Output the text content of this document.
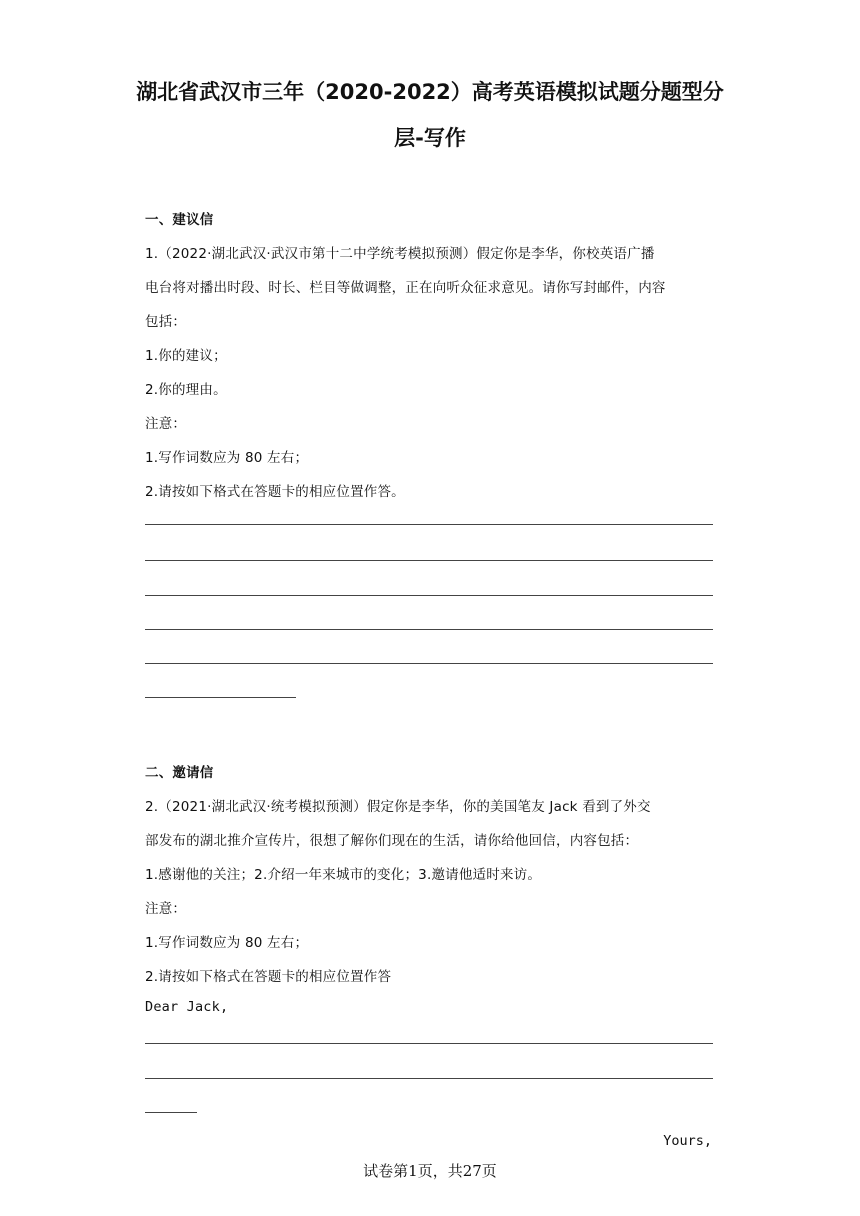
湖北省武汉市三年（2020-2022）高考英语模拟试题分题型分
层-写作
一、建议信
1.（2022·湖北武汉·武汉市第十二中学统考模拟预测）假定你是李华，你校英语广播
电台将对播出时段、时长、栏目等做调整，正在向听众征求意见。请你写封邮件，内容
包括：
1.你的建议；
2.你的理由。
注意：
1.写作词数应为 80 左右；
2.请按如下格式在答题卡的相应位置作答。
二、邀请信
2.（2021·湖北武汉·统考模拟预测）假定你是李华，你的美国笔友 Jack 看到了外交
部发布的湖北推介宣传片，很想了解你们现在的生活，请你给他回信，内容包括：
1.感谢他的关注；2.介绍一年来城市的变化；3.邀请他适时来访。
注意：
1.写作词数应为 80 左右；
2.请按如下格式在答题卡的相应位置作答
Dear Jack,
Yours,
试卷第1页，共27页
